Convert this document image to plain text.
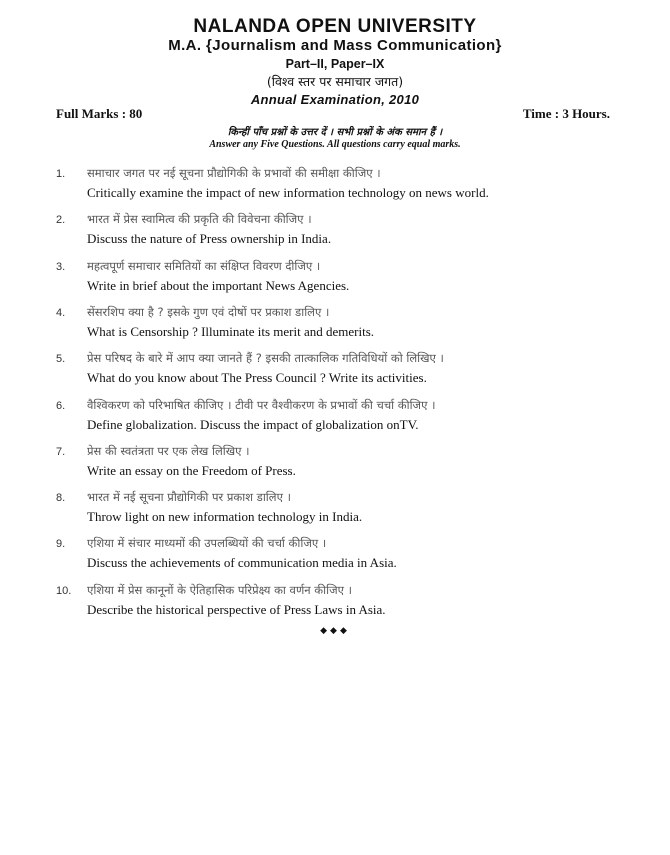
NALANDA OPEN UNIVERSITY
M.A. {Journalism and Mass Communication}
Part–II, Paper–IX
(विश्व स्तर पर समाचार जगत)
Annual Examination, 2010
Full Marks : 80	Time : 3 Hours.
किन्हीं पाँच प्रश्नों के उत्तर दें । सभी प्रश्नों के अंक समान हैं ।
Answer any Five Questions. All questions carry equal marks.
1. समाचार जगत पर नई सूचना प्रौद्योगिकी के प्रभावों की समीक्षा कीजिए ।
Critically examine the impact of new information technology on news world.
2. भारत में प्रेस स्वामित्व की प्रकृति की विवेचना कीजिए ।
Discuss the nature of Press ownership in India.
3. महत्वपूर्ण समाचार समितियों का संक्षिप्त विवरण दीजिए ।
Write in brief about the important News Agencies.
4. सेंसरशिप क्या है ? इसके गुण एवं दोषों पर प्रकाश डालिए ।
What is Censorship ? Illuminate its merit and demerits.
5. प्रेस परिषद के बारे में आप क्या जानते हैं ? इसकी तात्कालिक गतिविधियों को लिखिए ।
What do you know about The Press Council ? Write its activities.
6. वैश्विकरण को परिभाषित कीजिए । टीवी पर वैश्वीकरण के प्रभावों की चर्चा कीजिए ।
Define globalization. Discuss the impact of globalization onTV.
7. प्रेस की स्वतंत्रता पर एक लेख लिखिए ।
Write an essay on the Freedom of Press.
8. भारत में नई सूचना प्रौद्योगिकी पर प्रकाश डालिए ।
Throw light on new information technology in India.
9. एशिया में संचार माध्यमों की उपलब्धियों की चर्चा कीजिए ।
Discuss the achievements of communication media in Asia.
10. एशिया में प्रेस कानूनों के ऐतिहासिक परिप्रेक्ष्य का वर्णन कीजिए ।
Describe the historical perspective of Press Laws in Asia.
◆◆◆
